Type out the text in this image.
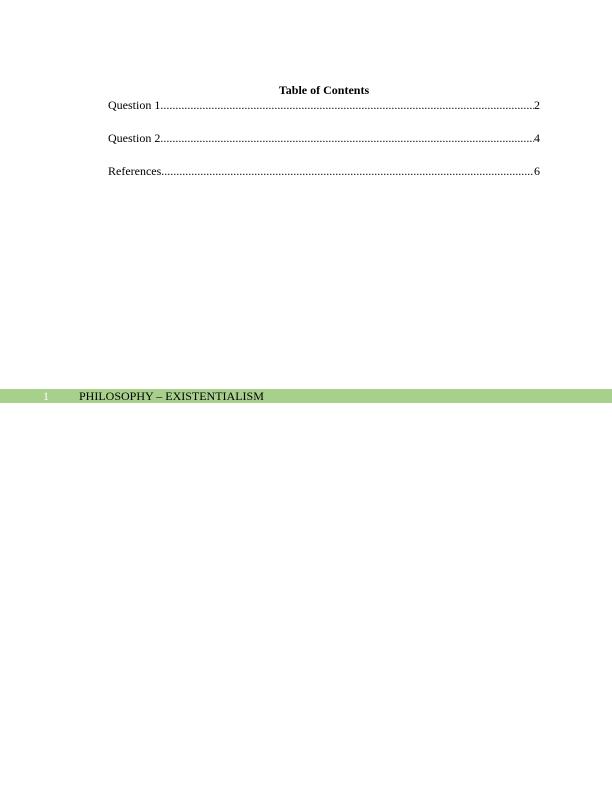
Table of Contents
Question 1 .....	2
Question 2 .....	4
References .....	6
1	PHILOSOPHY – EXISTENTIALISM
